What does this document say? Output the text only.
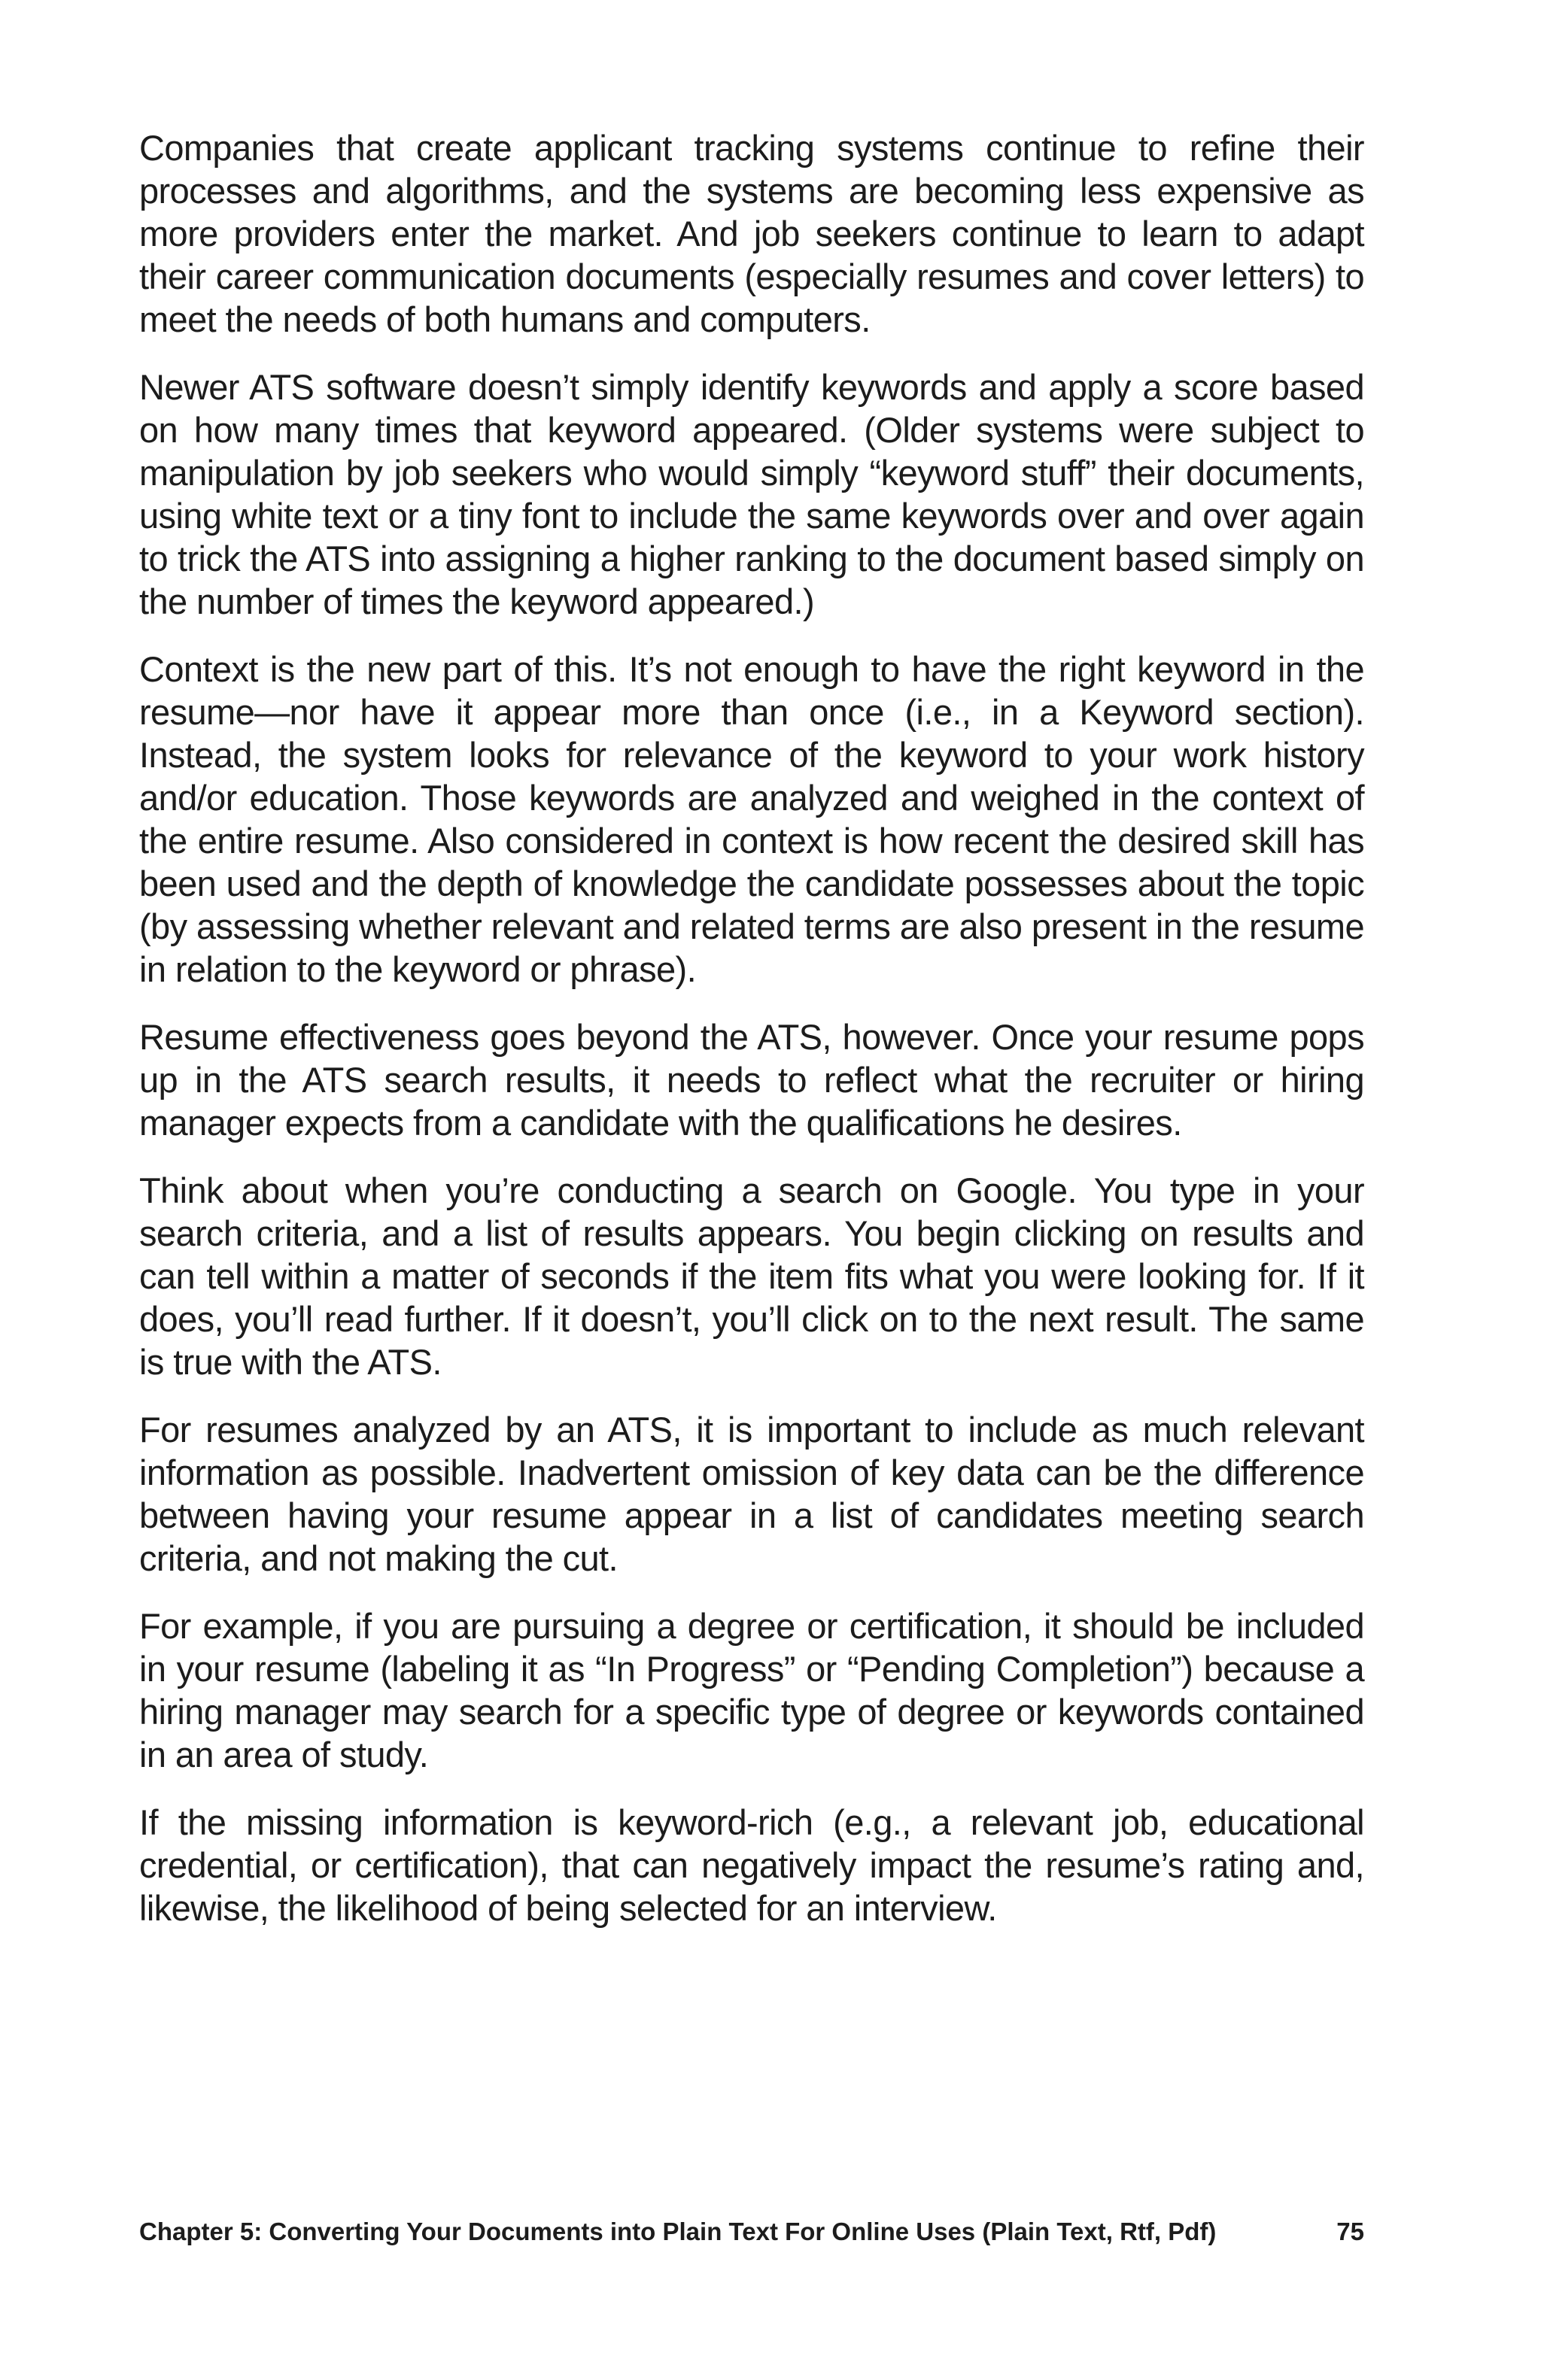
Companies that create applicant tracking systems continue to refine their processes and algorithms, and the systems are becoming less expensive as more providers enter the market. And job seekers continue to learn to adapt their career communication documents (especially resumes and cover letters) to meet the needs of both humans and computers.

Newer ATS software doesn’t simply identify keywords and apply a score based on how many times that keyword appeared. (Older systems were subject to manipulation by job seekers who would simply “keyword stuff” their documents, using white text or a tiny font to include the same keywords over and over again to trick the ATS into assigning a higher ranking to the document based simply on the number of times the keyword appeared.)

Context is the new part of this. It’s not enough to have the right keyword in the resume—nor have it appear more than once (i.e., in a Keyword section). Instead, the system looks for relevance of the keyword to your work history and/or education. Those keywords are analyzed and weighed in the context of the entire resume. Also considered in context is how recent the desired skill has been used and the depth of knowledge the candidate possesses about the topic (by assessing whether relevant and related terms are also present in the resume in relation to the keyword or phrase).

Resume effectiveness goes beyond the ATS, however. Once your resume pops up in the ATS search results, it needs to reflect what the recruiter or hiring manager expects from a candidate with the qualifications he desires.

Think about when you’re conducting a search on Google. You type in your search criteria, and a list of results appears. You begin clicking on results and can tell within a matter of seconds if the item fits what you were looking for. If it does, you’ll read further. If it doesn’t, you’ll click on to the next result. The same is true with the ATS.

For resumes analyzed by an ATS, it is important to include as much relevant information as possible. Inadvertent omission of key data can be the difference between having your resume appear in a list of candidates meeting search criteria, and not making the cut.

For example, if you are pursuing a degree or certification, it should be included in your resume (labeling it as “In Progress” or “Pending Completion”) because a hiring manager may search for a specific type of degree or keywords contained in an area of study.

If the missing information is keyword-rich (e.g., a relevant job, educational credential, or certification), that can negatively impact the resume’s rating and, likewise, the likelihood of being selected for an interview.

Chapter 5: Converting Your Documents into Plain Text For Online Uses (Plain Text, Rtf, Pdf)	75
